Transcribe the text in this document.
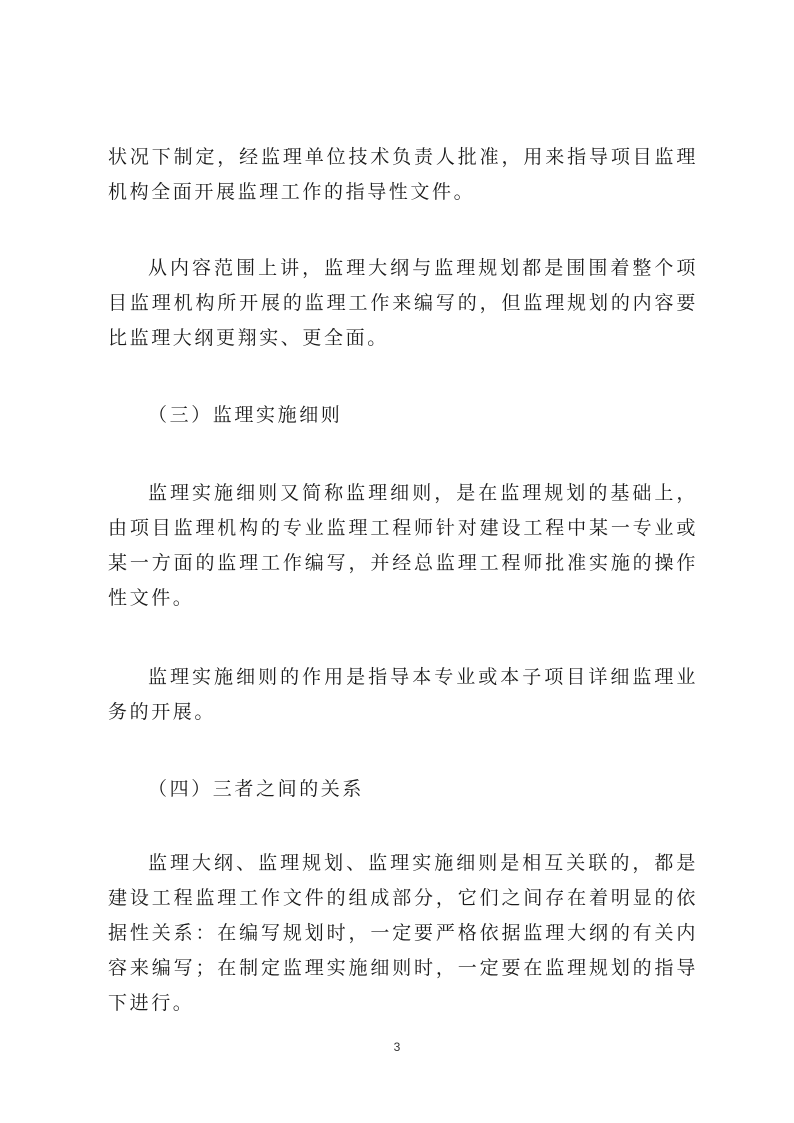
状况下制定，经监理单位技术负责人批准，用来指导项目监理机构全面开展监理工作的指导性文件。

从内容范围上讲，监理大纲与监理规划都是围围着整个项目监理机构所开展的监理工作来编写的，但监理规划的内容要比监理大纲更翔实、更全面。

（三）监理实施细则

监理实施细则又简称监理细则，是在监理规划的基础上，由项目监理机构的专业监理工程师针对建设工程中某一专业或某一方面的监理工作编写，并经总监理工程师批准实施的操作性文件。

监理实施细则的作用是指导本专业或本子项目详细监理业务的开展。

（四）三者之间的关系

监理大纲、监理规划、监理实施细则是相互关联的，都是建设工程监理工作文件的组成部分，它们之间存在着明显的依据性关系：在编写规划时，一定要严格依据监理大纲的有关内容来编写；在制定监理实施细则时，一定要在监理规划的指导下进行。

3
